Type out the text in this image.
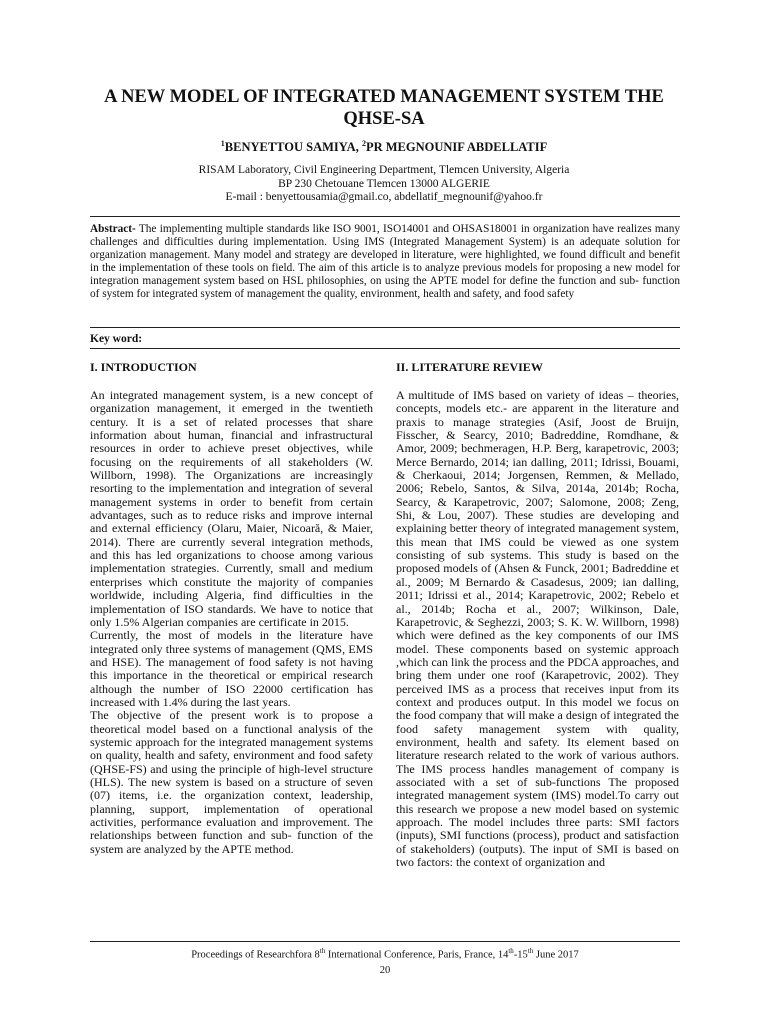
A NEW MODEL OF INTEGRATED MANAGEMENT SYSTEM THE QHSE-SA
$^1$BENYETTOU SAMIYA, $^2$PR MEGNOUNIF ABDELLATIF
RISAM Laboratory, Civil Engineering Department, Tlemcen University, Algeria
BP 230 Chetouane Tlemcen 13000 ALGERIE
E-mail : benyettousamia@gmail.co, abdellatif_megnounif@yahoo.fr
Abstract- The implementing multiple standards like ISO 9001, ISO14001 and OHSAS18001 in organization have realizes many challenges and difficulties during implementation. Using IMS (Integrated Management System) is an adequate solution for organization management. Many model and strategy are developed in literature, were highlighted, we found difficult and benefit in the implementation of these tools on field. The aim of this article is to analyze previous models for proposing a new model for integration management system based on HSL philosophies, on using the APTE model for define the function and sub- function of system for integrated system of management the quality, environment, health and safety, and food safety
Key word:
I. INTRODUCTION

An integrated management system, is a new concept of organization management, it emerged in the twentieth century. It is a set of related processes that share information about human, financial and infrastructural resources in order to achieve preset objectives, while focusing on the requirements of all stakeholders (W. Willborn, 1998). The Organizations are increasingly resorting to the implementation and integration of several management systems in order to benefit from certain advantages, such as to reduce risks and improve internal and external efficiency (Olaru, Maier, Nicoară, & Maier, 2014). There are currently several integration methods, and this has led organizations to choose among various implementation strategies. Currently, small and medium enterprises which constitute the majority of companies worldwide, including Algeria, find difficulties in the implementation of ISO standards. We have to notice that only 1.5% Algerian companies are certificate in 2015.

Currently, the most of models in the literature have integrated only three systems of management (QMS, EMS and HSE). The management of food safety is not having this importance in the theoretical or empirical research although the number of ISO 22000 certification has increased with 1.4% during the last years.

The objective of the present work is to propose a theoretical model based on a functional analysis of the systemic approach for the integrated management systems on quality, health and safety, environment and food safety (QHSE-FS) and using the principle of high-level structure (HLS). The new system is based on a structure of seven (07) items, i.e. the organization context, leadership, planning, support, implementation of operational activities, performance evaluation and improvement. The relationships between function and sub- function of the system are analyzed by the APTE method.

II. LITERATURE REVIEW

A multitude of IMS based on variety of ideas – theories, concepts, models etc.- are apparent in the literature and praxis to manage strategies (Asif, Joost de Bruijn, Fisscher, & Searcy, 2010; Badreddine, Romdhane, & Amor, 2009; bechmeragen, H.P. Berg, karapetrovic, 2003; Merce Bernardo, 2014; ian dalling, 2011; Idrissi, Bouami, & Cherkaoui, 2014; Jorgensen, Remmen, & Mellado, 2006; Rebelo, Santos, & Silva, 2014a, 2014b; Rocha, Searcy, & Karapetrovic, 2007; Salomone, 2008; Zeng, Shi, & Lou, 2007). These studies are developing and explaining better theory of integrated management system, this mean that IMS could be viewed as one system consisting of sub systems. This study is based on the proposed models of (Ahsen & Funck, 2001; Badreddine et al., 2009; M Bernardo & Casadesus, 2009; ian dalling, 2011; Idrissi et al., 2014; Karapetrovic, 2002; Rebelo et al., 2014b; Rocha et al., 2007; Wilkinson, Dale, Karapetrovic, & Seghezzi, 2003; S. K. W. Willborn, 1998) which were defined as the key components of our IMS model. These components based on systemic approach ,which can link the process and the PDCA approaches, and bring them under one roof (Karapetrovic, 2002). They perceived IMS as a process that receives input from its context and produces output. In this model we focus on the food company that will make a design of integrated the food safety management system with quality, environment, health and safety. Its element based on literature research related to the work of various authors. The IMS process handles management of company is associated with a set of sub-functions The proposed integrated management system (IMS) model.To carry out this research we propose a new model based on systemic approach. The model includes three parts: SMI factors (inputs), SMI functions (process), product and satisfaction of stakeholders) (outputs). The input of SMI is based on two factors: the context of organization and

Proceedings of Researchfora 8th International Conference, Paris, France, 14th-15th June 2017
20
